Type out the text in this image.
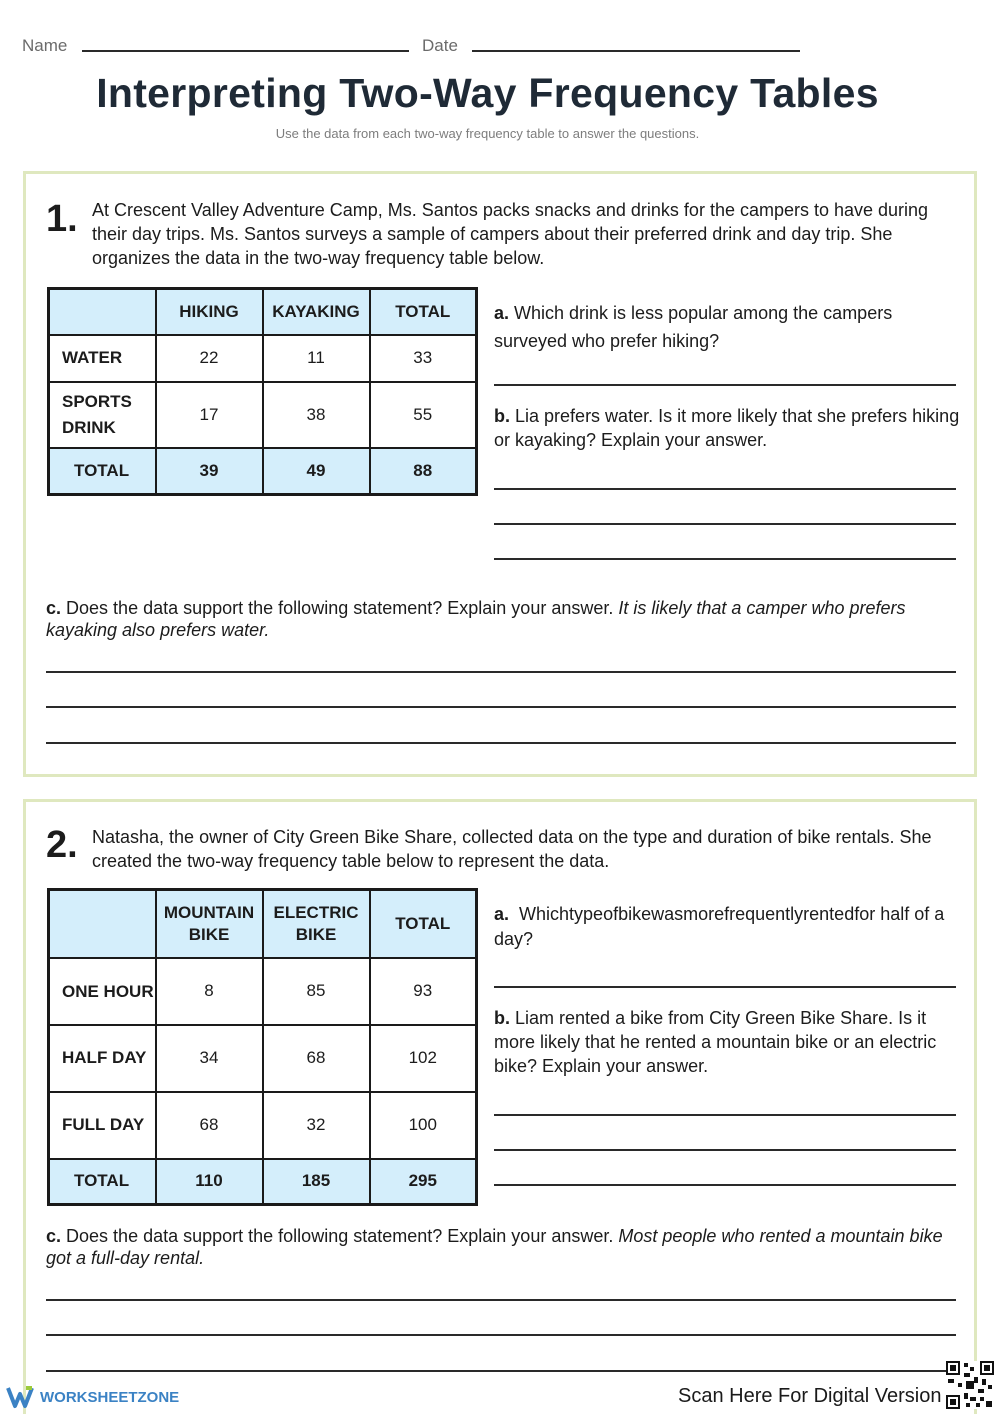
Name	Date
Interpreting Two-Way Frequency Tables
Use the data from each two-way frequency table to answer the questions.
1. At Crescent Valley Adventure Camp, Ms. Santos packs snacks and drinks for the campers to have during their day trips. Ms. Santos surveys a sample of campers about their preferred drink and day trip. She organizes the data in the two-way frequency table below.
	HIKING	KAYAKING	TOTAL
WATER	22	11	33
SPORTS DRINK	17	38	55
TOTAL	39	49	88
a. Which drink is less popular among the campers surveyed who prefer hiking?
b. Lia prefers water. Is it more likely that she prefers hiking or kayaking? Explain your answer.
c. Does the data support the following statement? Explain your answer. It is likely that a camper who prefers kayaking also prefers water.
2. Natasha, the owner of City Green Bike Share, collected data on the type and duration of bike rentals. She created the two-way frequency table below to represent the data.
	MOUNTAIN BIKE	ELECTRIC BIKE	TOTAL
ONE HOUR	8	85	93
HALF DAY	34	68	102
FULL DAY	68	32	100
TOTAL	110	185	295
a. Whichtypeofbikewasmorefrequentlyrentedfor half of a day?
b. Liam rented a bike from City Green Bike Share. Is it more likely that he rented a mountain bike or an electric bike? Explain your answer.
c. Does the data support the following statement? Explain your answer. Most people who rented a mountain bike got a full-day rental.
WORKSHEETZONE	Scan Here For Digital Version
